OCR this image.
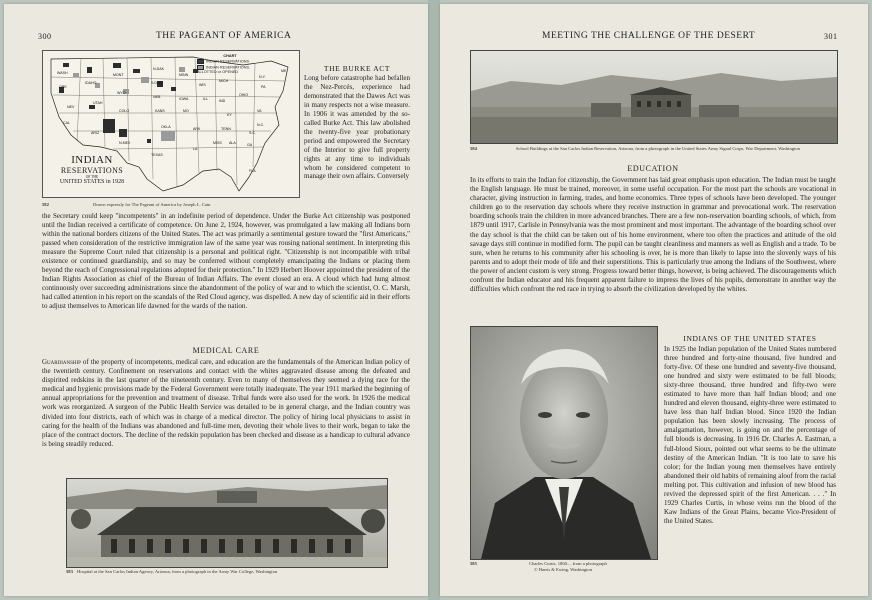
300	THE PAGEANT OF AMERICA
CHART
INDIAN RESERVATIONS
INDIAN RESERVATIONS, ALLOTTED or OPENED
WASH
ORE
IDAHO
MONT
N.DAK
MINN
WIS
MICH
NEV
UTAH
COLO
WYO
S.DAK
NEB	IOWA	ILL	IND
OHIO
CAL
ARIZ
N.MEX
KANS	MO
KY
TENN
OKLA	ARK
TEXAS
LA
MISS ALA	GA
FLA
N.Y.
PA
VA
N.C.
S.C.
ME
INDIAN
RESERVATIONS
OF THE
UNITED STATES in 1928

582	Drawn expressly for The Pageant of America by Joseph L. Cain

THE BURKE ACT

Long before catastrophe had befallen the Nez-Percés, experience had demonstrated that the Dawes Act was in many respects not a wise measure. In 1906 it was amended by the so-called Burke Act. This law abolished the twenty-five year probationary period and empowered the Secretary of the Interior to give full property rights at any time to individuals whom he considered competent to manage their own affairs. Conversely

the Secretary could keep "incompetents" in an indefinite period of dependence. Under the Burke Act citizenship was postponed until the Indian received a certificate of competence. On June 2, 1924, however, was promulgated a law making all Indians born within the national borders citizens of the United States. The act was primarily a sentimental gesture toward the "first Americans," passed when consideration of the restrictive immigration law of the same year was rousing national sentiment. In interpreting this measure the Supreme Court ruled that citizenship is a personal and political right. "Citizenship is not incompatible with tribal existence or continued guardianship, and so may be conferred without completely emancipating the Indians or placing them beyond the reach of Congressional regulations adopted for their protection." In 1929 Herbert Hoover appointed the president of the Indian Rights Association as chief of the Bureau of Indian Affairs. The event closed an era. A cloud which had hung almost continuously over succeeding administrations since the abandonment of the policy of war and to which the scientist, O. C. Marsh, had called attention in his report on the scandals of the Red Cloud agency, was dispelled. A new day of scientific aid in their efforts to adjust themselves to American life dawned for the wards of the nation.

MEDICAL CARE

Guardianship of the property of incompetents, medical care, and education are the fundamentals of the American Indian policy of the twentieth century. Confinement on reservations and contact with the whites aggravated disease among the defeated and dispirited redskins in the last quarter of the nineteenth century. Even to many of themselves they seemed a dying race for the medical and hygienic provisions made by the Federal Government were totally inadequate. The year 1911 marked the beginning of annual appropriations for the prevention and treatment of disease. Tribal funds were also used for the work. In 1926 the medical work was reorganized. A surgeon of the Public Health Service was detailed to be in general charge, and the Indian country was divided into four districts, each of which was in charge of a medical director. The policy of hiring local physicians to assist in caring for the health of the Indians was abandoned and full-time men, devoting their whole lives to their work, began to take the place of the contract doctors. The decline of the redskin population has been checked and disease as a handicap to cultural advance is being steadily reduced.

583 Hospital at the San Carlos Indian Agency, Arizona, from a photograph in the Army War College, Washington

MEETING THE CHALLENGE OF THE DESERT	301

584	School Buildings at the San Carlos Indian Reservation, Arizona, from a photograph in the United States Army Signal Corps, War Department, Washington

EDUCATION

In its efforts to train the Indian for citizenship, the Government has laid great emphasis upon education. The Indian must be taught the English language. He must be trained, moreover, in some useful occupation. For the most part the schools are vocational in character, giving instruction in farming, trades, and home economics. Three types of schools have been developed. The younger children go to the reservation day schools where they receive instruction in grammar and prevocational work. The reservation boarding schools train the children in more advanced branches. There are a few non-reservation boarding schools, of which, from 1879 until 1917, Carlisle in Pennsylvania was the most prominent and most important. The advantage of the boarding school over the day school is that the child can be taken out of his home environment, where too often the practices and attitude of the old savage days still continue in modified form. The pupil can be taught cleanliness and manners as well as English and a trade. To be sure, when he returns to his community after his schooling is over, he is more than likely to lapse into the slovenly ways of his parents and to adopt their mode of life and their superstitions. This is particularly true among the Indians of the Southwest, where the power of ancient custom is very strong. Progress toward better things, however, is being achieved. The discouragements which confront the Indian educator and his frequent apparent failure to impress the lives of his pupils, demonstrate in another way the difficulties which confront the red race in trying to absorb the civilization developed by the whites.

585	Charles Curtis, 1860– , from a photograph
© Harris & Ewing, Washington

INDIANS OF THE UNITED STATES

In 1925 the Indian population of the United States numbered three hundred and forty-nine thousand, five hundred and forty-five. Of these one hundred and seventy-five thousand, one hundred and sixty were estimated to be full bloods; sixty-three thousand, three hundred and fifty-two were estimated to have more than half Indian blood; and one hundred and eleven thousand, eighty-three were estimated to have less than half Indian blood. Since 1920 the Indian population has been slowly increasing. The process of amalgamation, however, is going on and the percentage of full bloods is decreasing. In 1916 Dr. Charles A. Eastman, a full-blood Sioux, pointed out what seems to be the ultimate destiny of the American Indian. "It is too late to save his color; for the Indian young men themselves have entirely abandoned their old habits of remaining aloof from the racial melting pot. This cultivation and infusion of new blood has revived the depressed spirit of the first American. . . ." In 1929 Charles Curtis, in whose veins run the blood of the Kaw Indians of the Great Plains, became Vice-President of the United States.
